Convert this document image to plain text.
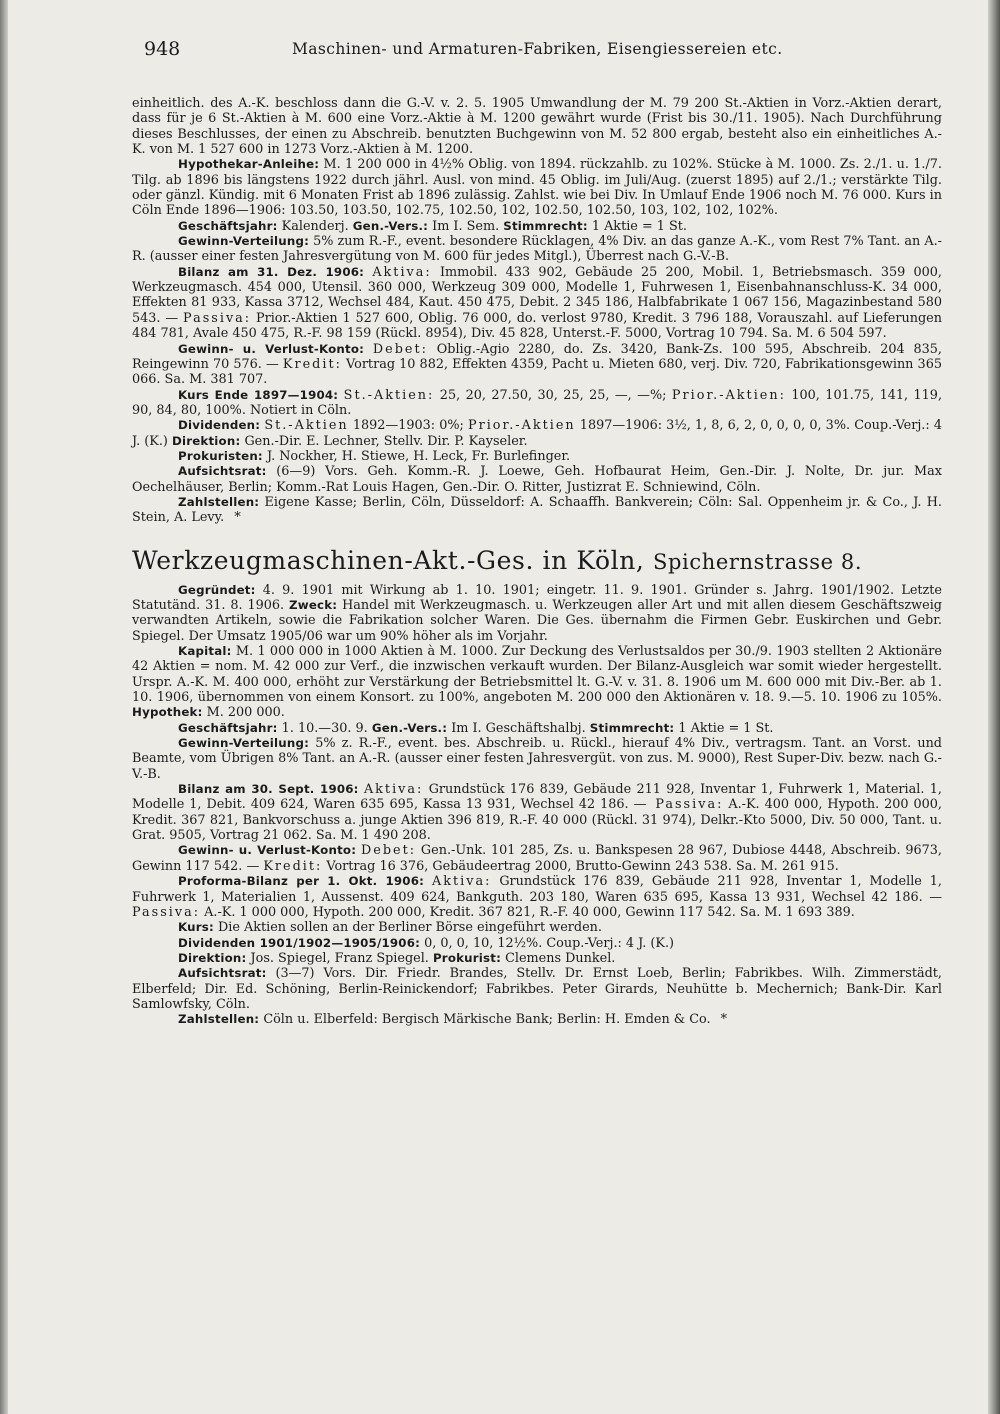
948	Maschinen- und Armaturen-Fabriken, Eisengiessereien etc.

einheitlich. des A.-K. beschloss dann die G.-V. v. 2. 5. 1905 Umwandlung der M. 79 200 St.-Aktien in Vorz.-Aktien derart, dass für je 6 St.-Aktien à M. 600 eine Vorz.-Aktie à M. 1200 gewährt wurde (Frist bis 30./11. 1905). Nach Durchführung dieses Beschlusses, der einen zu Abschreib. benutzten Buchgewinn von M. 52 800 ergab, besteht also ein einheitliches A.-K. von M. 1 527 600 in 1273 Vorz.-Aktien à M. 1200.

Hypothekar-Anleihe: M. 1 200 000 in 4½% Oblig. von 1894. rückzahlb. zu 102%. Stücke à M. 1000. Zs. 2./1. u. 1./7. Tilg. ab 1896 bis längstens 1922 durch jährl. Ausl. von mind. 45 Oblig. im Juli/Aug. (zuerst 1895) auf 2./1.; verstärkte Tilg. oder gänzl. Kündig. mit 6 Monaten Frist ab 1896 zulässig. Zahlst. wie bei Div. In Umlauf Ende 1906 noch M. 76 000. Kurs in Cöln Ende 1896—1906: 103.50, 103.50, 102.75, 102.50, 102, 102.50, 102.50, 103, 102, 102, 102%.

Geschäftsjahr: Kalenderj. Gen.-Vers.: Im I. Sem. Stimmrecht: 1 Aktie = 1 St.

Gewinn-Verteilung: 5% zum R.-F., event. besondere Rücklagen, 4% Div. an das ganze A.-K., vom Rest 7% Tant. an A.-R. (ausser einer festen Jahresvergütung von M. 600 für jedes Mitgl.), Überrest nach G.-V.-B.

Bilanz am 31. Dez. 1906: Aktiva: Immobil. 433 902, Gebäude 25 200, Mobil. 1, Betriebsmasch. 359 000, Werkzeugmasch. 454 000, Utensil. 360 000, Werkzeug 309 000, Modelle 1, Fuhrwesen 1, Eisenbahnanschluss-K. 34 000, Effekten 81 933, Kassa 3712, Wechsel 484, Kaut. 450 475, Debit. 2 345 186, Halbfabrikate 1 067 156, Magazinbestand 580 543. — Passiva: Prior.-Aktien 1 527 600, Oblig. 76 000, do. verlost 9780, Kredit. 3 796 188, Vorauszahl. auf Lieferungen 484 781, Avale 450 475, R.-F. 98 159 (Rückl. 8954), Div. 45 828, Unterst.-F. 5000, Vortrag 10 794. Sa. M. 6 504 597.

Gewinn- u. Verlust-Konto: Debet: Oblig.-Agio 2280, do. Zs. 3420, Bank-Zs. 100 595, Abschreib. 204 835, Reingewinn 70 576. — Kredit: Vortrag 10 882, Effekten 4359, Pacht u. Mieten 680, verj. Div. 720, Fabrikationsgewinn 365 066. Sa. M. 381 707.

Kurs Ende 1897—1904: St.-Aktien: 25, 20, 27.50, 30, 25, 25, —, —%; Prior.-Aktien: 100, 101.75, 141, 119, 90, 84, 80, 100%. Notiert in Cöln.

Dividenden: St.-Aktien 1892—1903: 0%; Prior.-Aktien 1897—1906: 3½, 1, 8, 6, 2, 0, 0, 0, 0, 3%. Coup.-Verj.: 4 J. (K.) Direktion: Gen.-Dir. E. Lechner, Stellv. Dir. P. Kayseler.

Prokuristen: J. Nockher, H. Stiewe, H. Leck, Fr. Burlefinger.

Aufsichtsrat: (6—9) Vors. Geh. Komm.-R. J. Loewe, Geh. Hofbaurat Heim, Gen.-Dir. J. Nolte, Dr. jur. Max Oechelhäuser, Berlin; Komm.-Rat Louis Hagen, Gen.-Dir. O. Ritter, Justizrat E. Schniewind, Cöln.

Zahlstellen: Eigene Kasse; Berlin, Cöln, Düsseldorf: A. Schaaffh. Bankverein; Cöln: Sal. Oppenheim jr. & Co., J. H. Stein, A. Levy. *

Werkzeugmaschinen-Akt.-Ges. in Köln, Spichernstrasse 8.

Gegründet: 4. 9. 1901 mit Wirkung ab 1. 10. 1901; eingetr. 11. 9. 1901. Gründer s. Jahrg. 1901/1902. Letzte Statutänd. 31. 8. 1906. Zweck: Handel mit Werkzeugmasch. u. Werkzeugen aller Art und mit allen diesem Geschäftszweig verwandten Artikeln, sowie die Fabrikation solcher Waren. Die Ges. übernahm die Firmen Gebr. Euskirchen und Gebr. Spiegel. Der Umsatz 1905/06 war um 90% höher als im Vorjahr.

Kapital: M. 1 000 000 in 1000 Aktien à M. 1000. Zur Deckung des Verlustsaldos per 30./9. 1903 stellten 2 Aktionäre 42 Aktien = nom. M. 42 000 zur Verf., die inzwischen verkauft wurden. Der Bilanz-Ausgleich war somit wieder hergestellt. Urspr. A.-K. M. 400 000, erhöht zur Verstärkung der Betriebsmittel lt. G.-V. v. 31. 8. 1906 um M. 600 000 mit Div.-Ber. ab 1. 10. 1906, übernommen von einem Konsort. zu 100%, angeboten M. 200 000 den Aktionären v. 18. 9.—5. 10. 1906 zu 105%. Hypothek: M. 200 000.

Geschäftsjahr: 1. 10.—30. 9. Gen.-Vers.: Im I. Geschäftshalbj. Stimmrecht: 1 Aktie = 1 St.

Gewinn-Verteilung: 5% z. R.-F., event. bes. Abschreib. u. Rückl., hierauf 4% Div., vertragsm. Tant. an Vorst. und Beamte, vom Übrigen 8% Tant. an A.-R. (ausser einer festen Jahresvergüt. von zus. M. 9000), Rest Super-Div. bezw. nach G.-V.-B.

Bilanz am 30. Sept. 1906: Aktiva: Grundstück 176 839, Gebäude 211 928, Inventar 1, Fuhrwerk 1, Material. 1, Modelle 1, Debit. 409 624, Waren 635 695, Kassa 13 931, Wechsel 42 186. — Passiva: A.-K. 400 000, Hypoth. 200 000, Kredit. 367 821, Bankvorschuss a. junge Aktien 396 819, R.-F. 40 000 (Rückl. 31 974), Delkr.-Kto 5000, Div. 50 000, Tant. u. Grat. 9505, Vortrag 21 062. Sa. M. 1 490 208.

Gewinn- u. Verlust-Konto: Debet: Gen.-Unk. 101 285, Zs. u. Bankspesen 28 967, Dubiose 4448, Abschreib. 9673, Gewinn 117 542. — Kredit: Vortrag 16 376, Gebäudeertrag 2000, Brutto-Gewinn 243 538. Sa. M. 261 915.

Proforma-Bilanz per 1. Okt. 1906: Aktiva: Grundstück 176 839, Gebäude 211 928, Inventar 1, Modelle 1, Fuhrwerk 1, Materialien 1, Aussenst. 409 624, Bankguth. 203 180, Waren 635 695, Kassa 13 931, Wechsel 42 186. — Passiva: A.-K. 1 000 000, Hypoth. 200 000, Kredit. 367 821, R.-F. 40 000, Gewinn 117 542. Sa. M. 1 693 389.

Kurs: Die Aktien sollen an der Berliner Börse eingeführt werden.

Dividenden 1901/1902—1905/1906: 0, 0, 0, 10, 12½%. Coup.-Verj.: 4 J. (K.)

Direktion: Jos. Spiegel, Franz Spiegel. Prokurist: Clemens Dunkel.

Aufsichtsrat: (3—7) Vors. Dir. Friedr. Brandes, Stellv. Dr. Ernst Loeb, Berlin; Fabrikbes. Wilh. Zimmerstädt, Elberfeld; Dir. Ed. Schöning, Berlin-Reinickendorf; Fabrikbes. Peter Girards, Neuhütte b. Mechernich; Bank-Dir. Karl Samlowfsky, Cöln.

Zahlstellen: Cöln u. Elberfeld: Bergisch Märkische Bank; Berlin: H. Emden & Co. *
